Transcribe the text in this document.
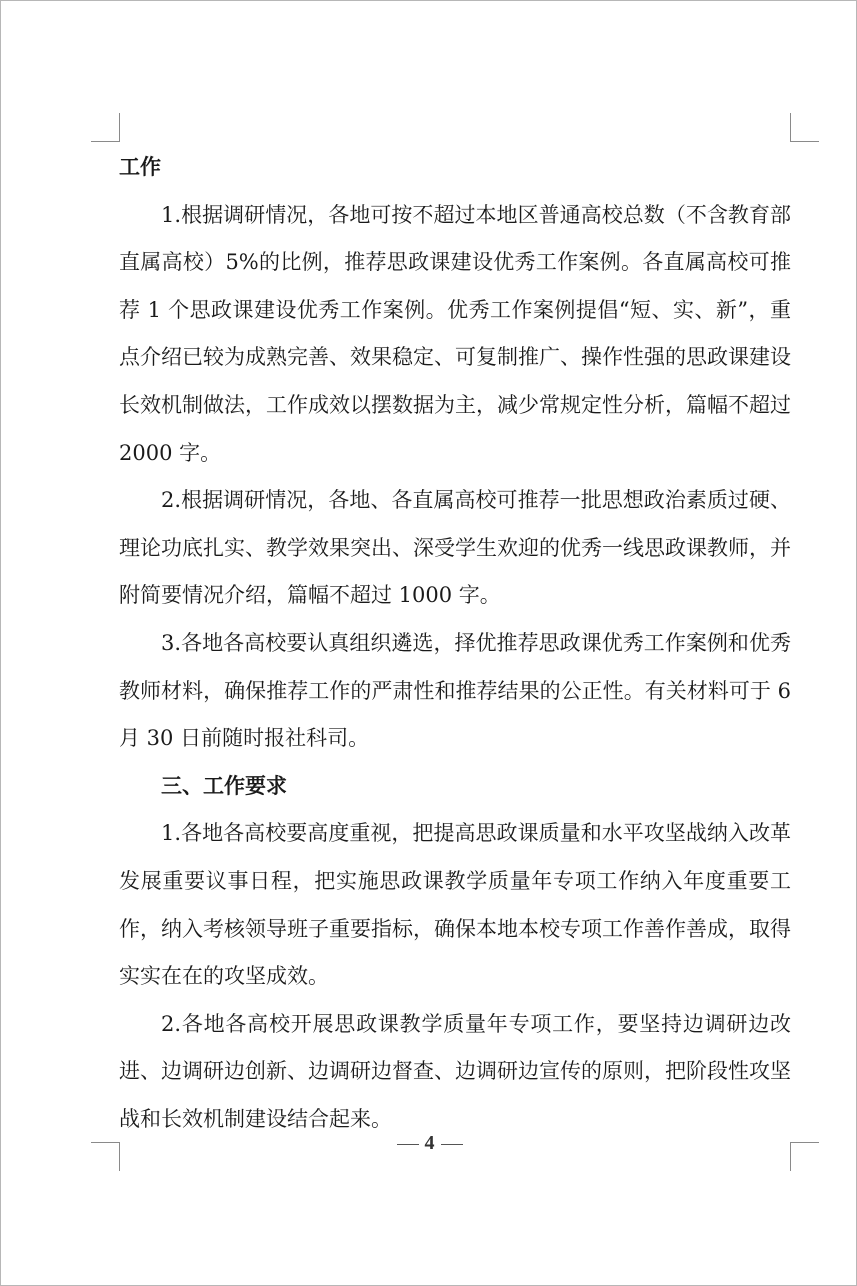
工作

1.根据调研情况，各地可按不超过本地区普通高校总数（不含教育部直属高校）5%的比例，推荐思政课建设优秀工作案例。各直属高校可推荐 1 个思政课建设优秀工作案例。优秀工作案例提倡“短、实、新”，重点介绍已较为成熟完善、效果稳定、可复制推广、操作性强的思政课建设长效机制做法，工作成效以摆数据为主，减少常规定性分析，篇幅不超过 2000 字。

2.根据调研情况，各地、各直属高校可推荐一批思想政治素质过硬、理论功底扎实、教学效果突出、深受学生欢迎的优秀一线思政课教师，并附简要情况介绍，篇幅不超过 1000 字。

3.各地各高校要认真组织遴选，择优推荐思政课优秀工作案例和优秀教师材料，确保推荐工作的严肃性和推荐结果的公正性。有关材料可于 6 月 30 日前随时报社科司。

三、工作要求

1.各地各高校要高度重视，把提高思政课质量和水平攻坚战纳入改革发展重要议事日程，把实施思政课教学质量年专项工作纳入年度重要工作，纳入考核领导班子重要指标，确保本地本校专项工作善作善成，取得实实在在的攻坚成效。

2.各地各高校开展思政课教学质量年专项工作，要坚持边调研边改进、边调研边创新、边调研边督查、边调研边宣传的原则，把阶段性攻坚战和长效机制建设结合起来。

4
